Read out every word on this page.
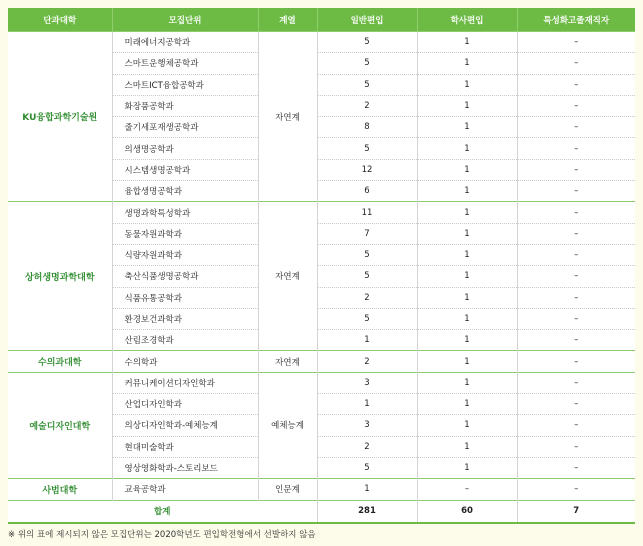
단과대학	모집단위	계열	일반편입	학사편입	특성화고졸재직자
KU융합과학기술원	미래에너지공학과	자연계	5	1	–
	스마트운행체공학과		5	1	–
	스마트ICT융합공학과		5	1	–
	화장품공학과		2	1	–
	줄기세포재생공학과		8	1	–
	의생명공학과		5	1	–
	시스템생명공학과		12	1	–
	융합생명공학과		6	1	–
상허생명과학대학	생명과학특성학과	자연계	11	1	–
	동물자원과학과		7	1	–
	식량자원과학과		5	1	–
	축산식품생명공학과		5	1	–
	식품유통공학과		2	1	–
	환경보건과학과		5	1	–
	산림조경학과		1	1	–
수의과대학	수의학과	자연계	2	1	–
예술디자인대학	커뮤니케이션디자인학과	예체능계	3	1	–
	산업디자인학과		1	1	–
	의상디자인학과-예체능계		3	1	–
	현대미술학과		2	1	–
	영상영화학과-스토리보드		5	1	–
사범대학	교육공학과	인문계	1	–	–
합계			281	60	7
※ 위의 표에 제시되지 않은 모집단위는 2020학년도 편입학전형에서 선발하지 않음
